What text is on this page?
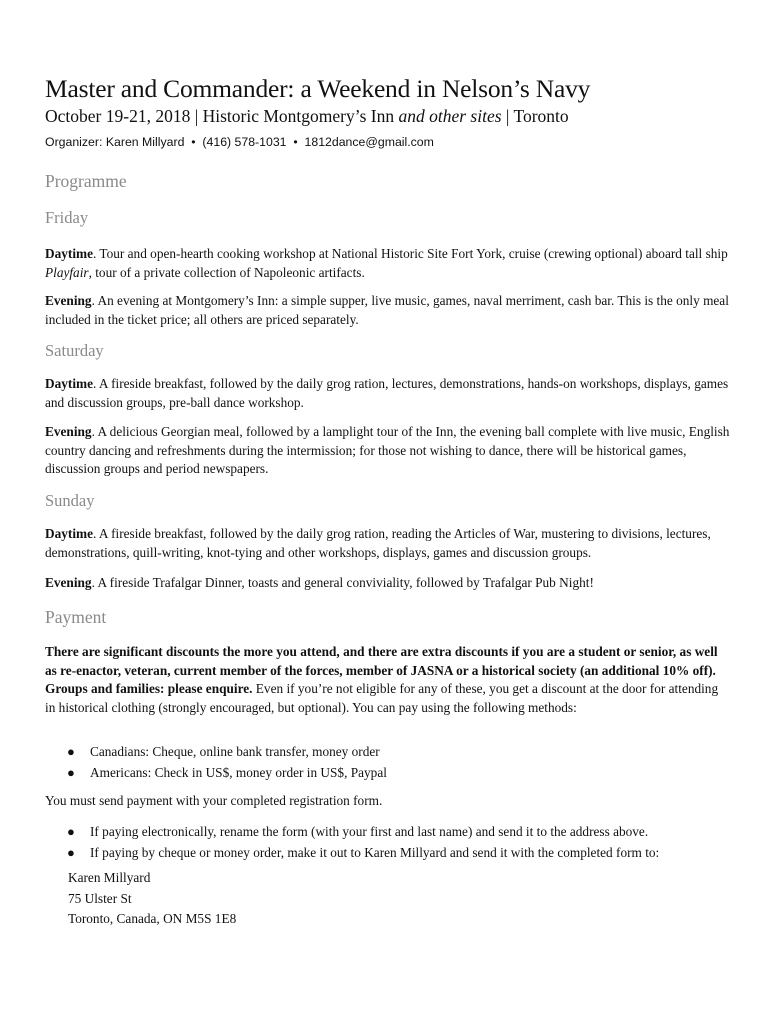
Master and Commander: a Weekend in Nelson’s Navy
October 19-21, 2018 | Historic Montgomery’s Inn and other sites | Toronto
Organizer: Karen Millyard • (416) 578-1031 • 1812dance@gmail.com
Programme
Friday
Daytime. Tour and open-hearth cooking workshop at National Historic Site Fort York, cruise (crewing optional) aboard tall ship Playfair, tour of a private collection of Napoleonic artifacts.
Evening. An evening at Montgomery’s Inn: a simple supper, live music, games, naval merriment, cash bar. This is the only meal included in the ticket price; all others are priced separately.
Saturday
Daytime. A fireside breakfast, followed by the daily grog ration, lectures, demonstrations, hands-on workshops, displays, games and discussion groups, pre-ball dance workshop.
Evening. A delicious Georgian meal, followed by a lamplight tour of the Inn, the evening ball complete with live music, English country dancing and refreshments during the intermission; for those not wishing to dance, there will be historical games, discussion groups and period newspapers.
Sunday
Daytime. A fireside breakfast, followed by the daily grog ration, reading the Articles of War, mustering to divisions, lectures, demonstrations, quill-writing, knot-tying and other workshops, displays, games and discussion groups.
Evening. A fireside Trafalgar Dinner, toasts and general conviviality, followed by Trafalgar Pub Night!
Payment
There are significant discounts the more you attend, and there are extra discounts if you are a student or senior, as well as re-enactor, veteran, current member of the forces, member of JASNA or a historical society (an additional 10% off). Groups and families: please enquire. Even if you’re not eligible for any of these, you get a discount at the door for attending in historical clothing (strongly encouraged, but optional). You can pay using the following methods:
● Canadians: Cheque, online bank transfer, money order
● Americans: Check in US$, money order in US$, Paypal
You must send payment with your completed registration form.
● If paying electronically, rename the form (with your first and last name) and send it to the address above.
● If paying by cheque or money order, make it out to Karen Millyard and send it with the completed form to:
Karen Millyard
75 Ulster St
Toronto, Canada, ON M5S 1E8
